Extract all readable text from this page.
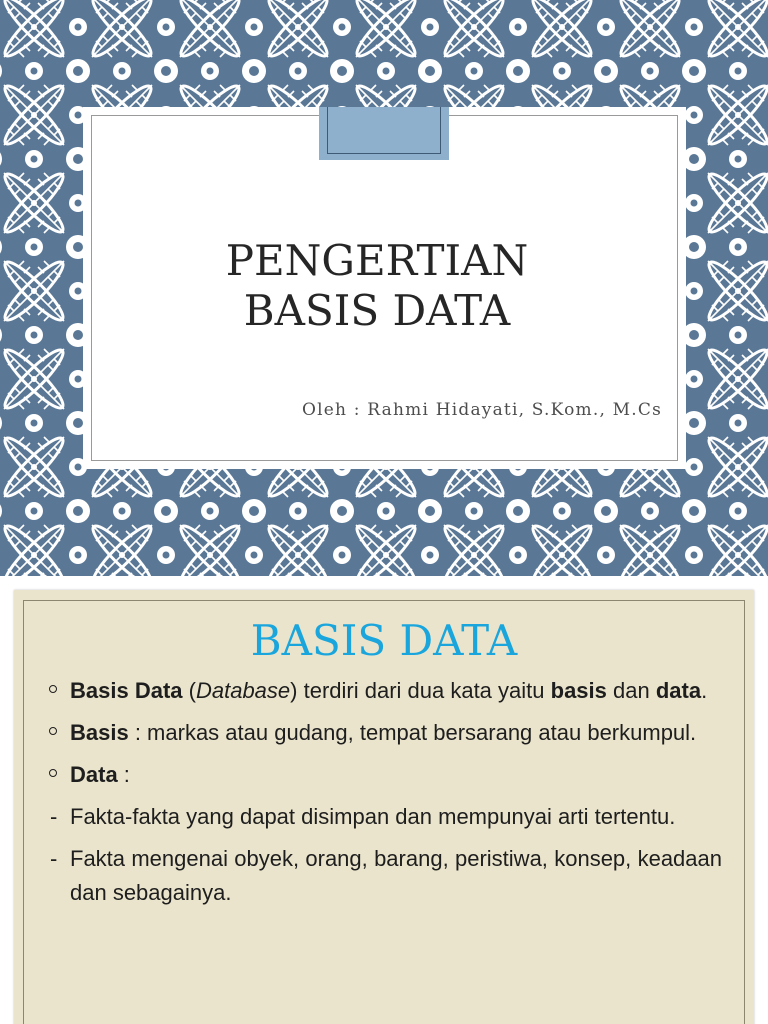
PENGERTIAN
BASIS DATA

Oleh : Rahmi Hidayati, S.Kom., M.Cs

BASIS DATA
Basis Data (Database) terdiri dari dua kata yaitu basis dan data.
Basis : markas atau gudang, tempat bersarang atau berkumpul.
Data :
- Fakta-fakta yang dapat disimpan dan mempunyai arti tertentu.
- Fakta mengenai obyek, orang, barang, peristiwa, konsep, keadaan dan sebagainya.
